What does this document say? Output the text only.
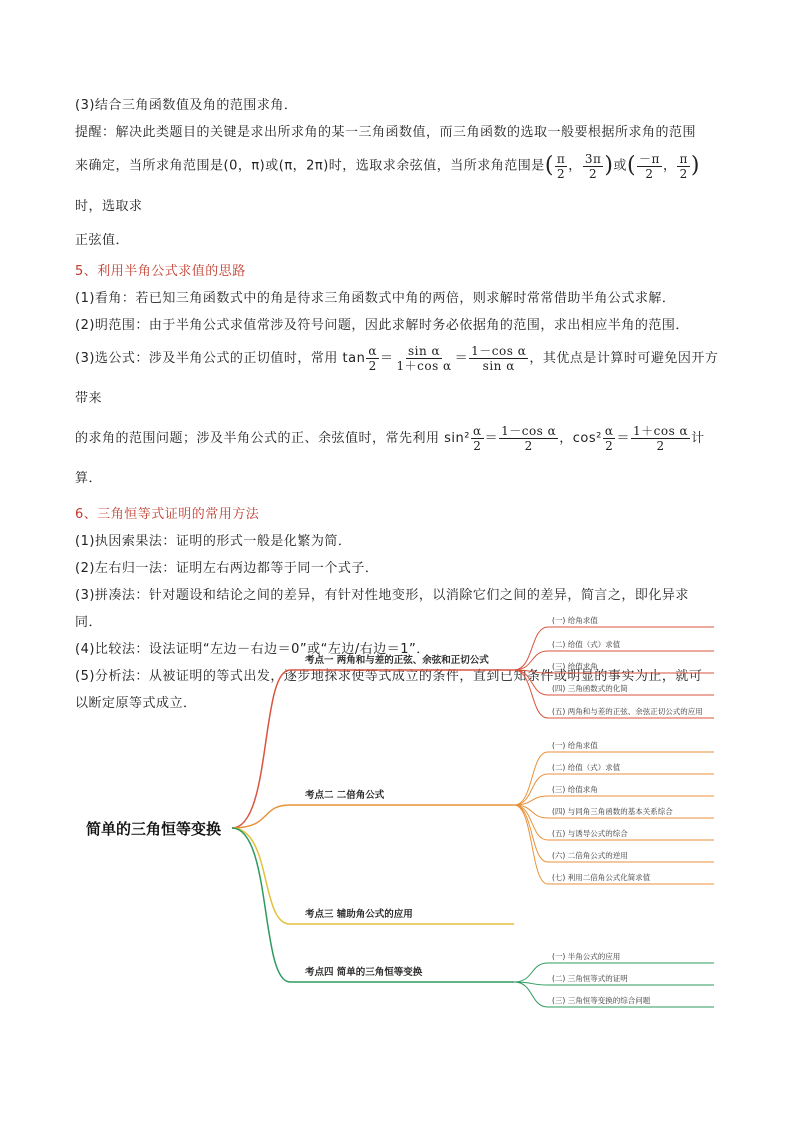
(3)结合三角函数值及角的范围求角．

提醒：解决此类题目的关键是求出所求角的某一三角函数值，而三角函数的选取一般要根据所求角的范围

来确定，当所求角范围是(0，π)或(π，2π)时，选取求余弦值，当所求角范围是( $\frac{\pi}{2}$ ， $\frac{3\pi}{2}$ )或( $\frac{-\pi}{2}$ ， $\frac{\pi}{2}$ )时，选取求

正弦值．

5、利用半角公式求值的思路

(1)看角：若已知三角函数式中的角是待求三角函数式中角的两倍，则求解时常常借助半角公式求解．

(2)明范围：由于半角公式求值常涉及符号问题，因此求解时务必依据角的范围，求出相应半角的范围．

(3)选公式：涉及半角公式的正切值时，常用 $\tan \frac{\alpha}{2} = \frac{\text{sin α}}{\text{1＋cos α}} = \frac{\text{1－cos α}}{\text{sin α}}$ ，其优点是计算时可避免因开方带来

的求角的范围问题；涉及半角公式的正、余弦值时，常先利用 $\sin^2 \frac{\alpha}{2} = \frac{\text{1－cos α}}{2}$ ，$\cos^2 \frac{\alpha}{2} = \frac{\text{1＋cos α}}{2}$ 计算．

6、三角恒等式证明的常用方法

(1)执因索果法：证明的形式一般是化繁为简．

(2)左右归一法：证明左右两边都等于同一个式子．

(3)拼凑法：针对题设和结论之间的差异，有针对性地变形，以消除它们之间的差异，简言之，即化异求

同．

(4)比较法：设法证明“左边－右边＝0”或“左边/右边＝1”．

(5)分析法：从被证明的等式出发，逐步地探求使等式成立的条件，直到已知条件或明显的事实为止，就可

以断定原等式成立．

简单的三角恒等变换
考点一 两角和与差的正弦、余弦和正切公式
(一) 给角求值
(二) 给值（式）求值
(三) 给值求角
(四) 三角函数式的化简
(五) 两角和与差的正弦、余弦正切公式的应用
考点二 二倍角公式
(一) 给角求值
(二) 给值（式）求值
(三) 给值求角
(四) 与同角三角函数的基本关系综合
(五) 与诱导公式的综合
(六) 二倍角公式的逆用
(七) 利用二倍角公式化简求值
考点三 辅助角公式的应用
考点四 简单的三角恒等变换
(一) 半角公式的应用
(二) 三角恒等式的证明
(三) 三角恒等变换的综合问题
